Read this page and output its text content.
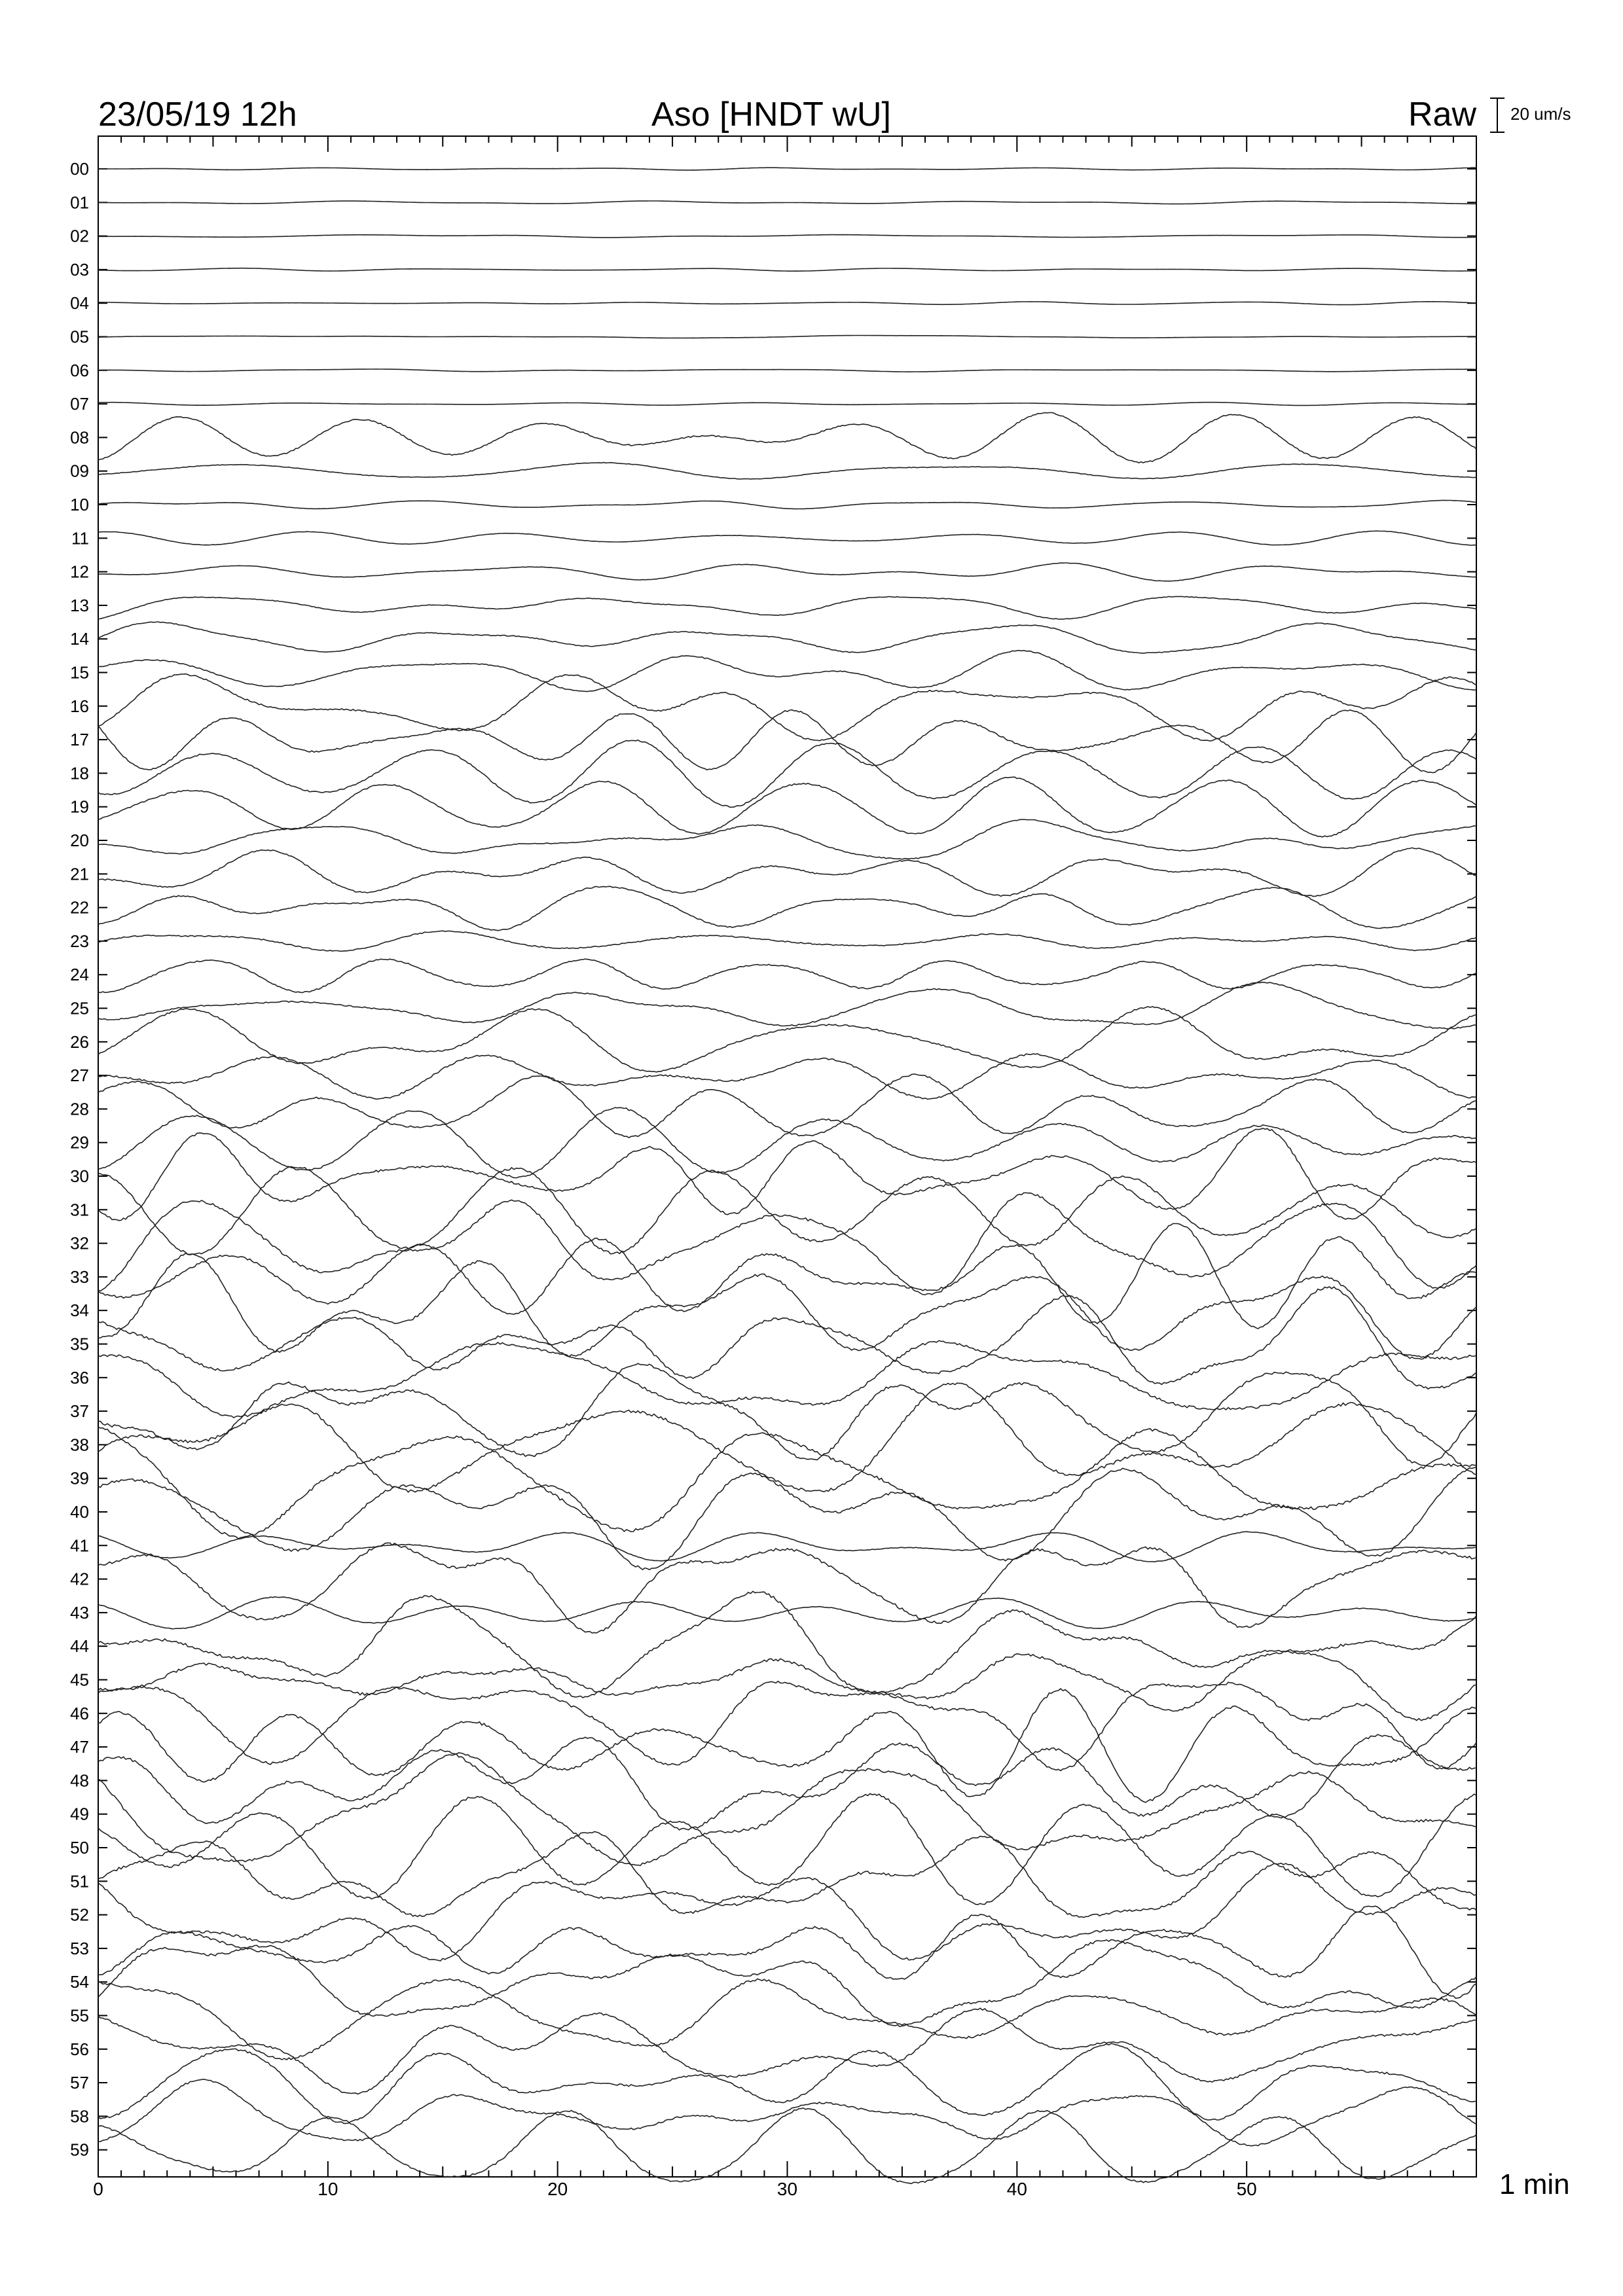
23/05/19 12h	Aso [HNDT wU]	Raw 20 um/s
00
01
02
03
04
05
06
07
08
09
10
11
12
13
14
15
16
17
18
19
20
21
22
23
24
25
26
27
28
29
30
31
32
33
34
35
36
37
38
39
40
41
42
43
44
45
46
47
48
49
50
51
52
53
54
55
56
57
58
59
0	10	20	30	40	50	1 min
